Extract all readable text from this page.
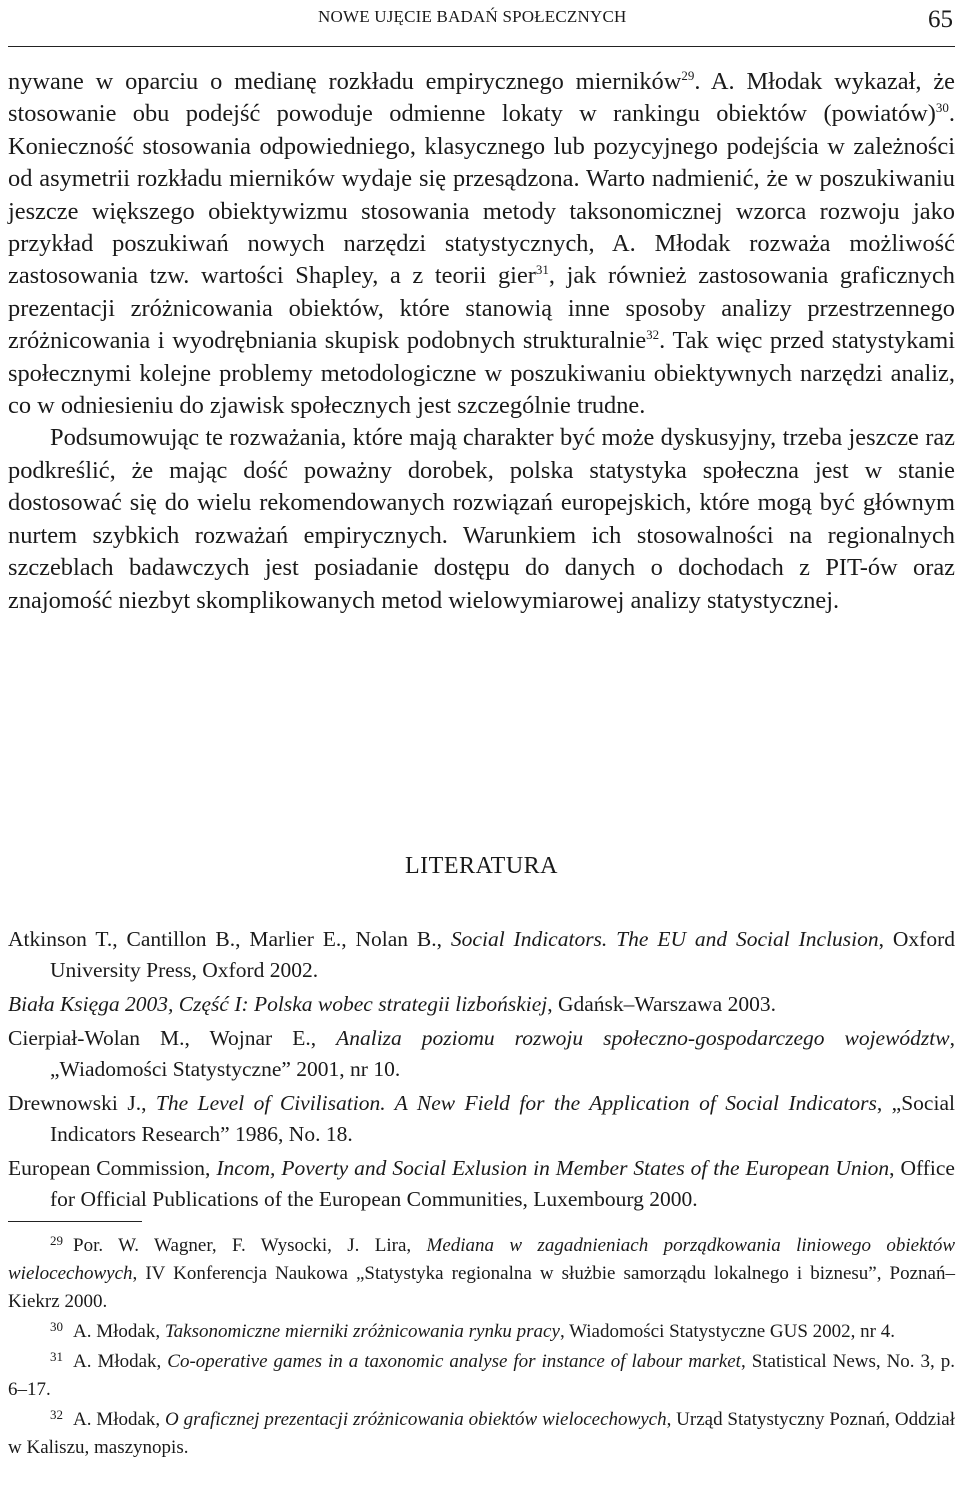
NOWE UJĘCIE BADAŃ SPOŁECZNYCH	65

nywane w oparciu o medianę rozkładu empirycznego mierników$^{29}$. A. Młodak wykazał, że stosowanie obu podejść powoduje odmienne lokaty w rankingu obiektów (powiatów)$^{30}$. Konieczność stosowania odpowiedniego, klasycznego lub pozycyjnego podejścia w zależności od asymetrii rozkładu mierników wydaje się przesądzona. Warto nadmienić, że w poszukiwaniu jeszcze większego obiektywizmu stosowania metody taksonomicznej wzorca rozwoju jako przykład poszukiwań nowych narzędzi statystycznych, A. Młodak rozważa możliwość zastosowania tzw. wartości Shapley, a z teorii gier$^{31}$, jak również zastosowania graficznych prezentacji zróżnicowania obiektów, które stanowią inne sposoby analizy przestrzennego zróżnicowania i wyodrębniania skupisk podobnych strukturalnie$^{32}$. Tak więc przed statystykami społecznymi kolejne problemy metodologiczne w poszukiwaniu obiektywnych narzędzi analiz, co w odniesieniu do zjawisk społecznych jest szczególnie trudne.

Podsumowując te rozważania, które mają charakter być może dyskusyjny, trzeba jeszcze raz podkreślić, że mając dość poważny dorobek, polska statystyka społeczna jest w stanie dostosować się do wielu rekomendowanych rozwiązań europejskich, które mogą być głównym nurtem szybkich rozważań empirycznych. Warunkiem ich stosowalności na regionalnych szczeblach badawczych jest posiadanie dostępu do danych o dochodach z PIT-ów oraz znajomość niezbyt skomplikowanych metod wielowymiarowej analizy statystycznej.

LITERATURA

Atkinson T., Cantillon B., Marlier E., Nolan B., Social Indicators. The EU and Social Inclusion, Oxford University Press, Oxford 2002.

Biała Księga 2003, Część I: Polska wobec strategii lizbońskiej, Gdańsk–Warszawa 2003.

Cierpiał-Wolan M., Wojnar E., Analiza poziomu rozwoju społeczno-gospodarczego województw, „Wiadomości Statystyczne” 2001, nr 10.

Drewnowski J., The Level of Civilisation. A New Field for the Application of Social Indicators, „Social Indicators Research” 1986, No. 18.

European Commission, Incom, Poverty and Social Exlusion in Member States of the European Union, Office for Official Publications of the European Communities, Luxembourg 2000.

$^{29}$ Por. W. Wagner, F. Wysocki, J. Lira, Mediana w zagadnieniach porządkowania liniowego obiektów wielocechowych, IV Konferencja Naukowa „Statystyka regionalna w służbie samorządu lokalnego i biznesu”, Poznań–Kiekrz 2000.

$^{30}$ A. Młodak, Taksonomiczne mierniki zróżnicowania rynku pracy, Wiadomości Statystyczne GUS 2002, nr 4.

$^{31}$ A. Młodak, Co-operative games in a taxonomic analyse for instance of labour market, Statistical News, No. 3, p. 6–17.

$^{32}$ A. Młodak, O graficznej prezentacji zróżnicowania obiektów wielocechowych, Urząd Statystyczny Poznań, Oddział w Kaliszu, maszynopis.
